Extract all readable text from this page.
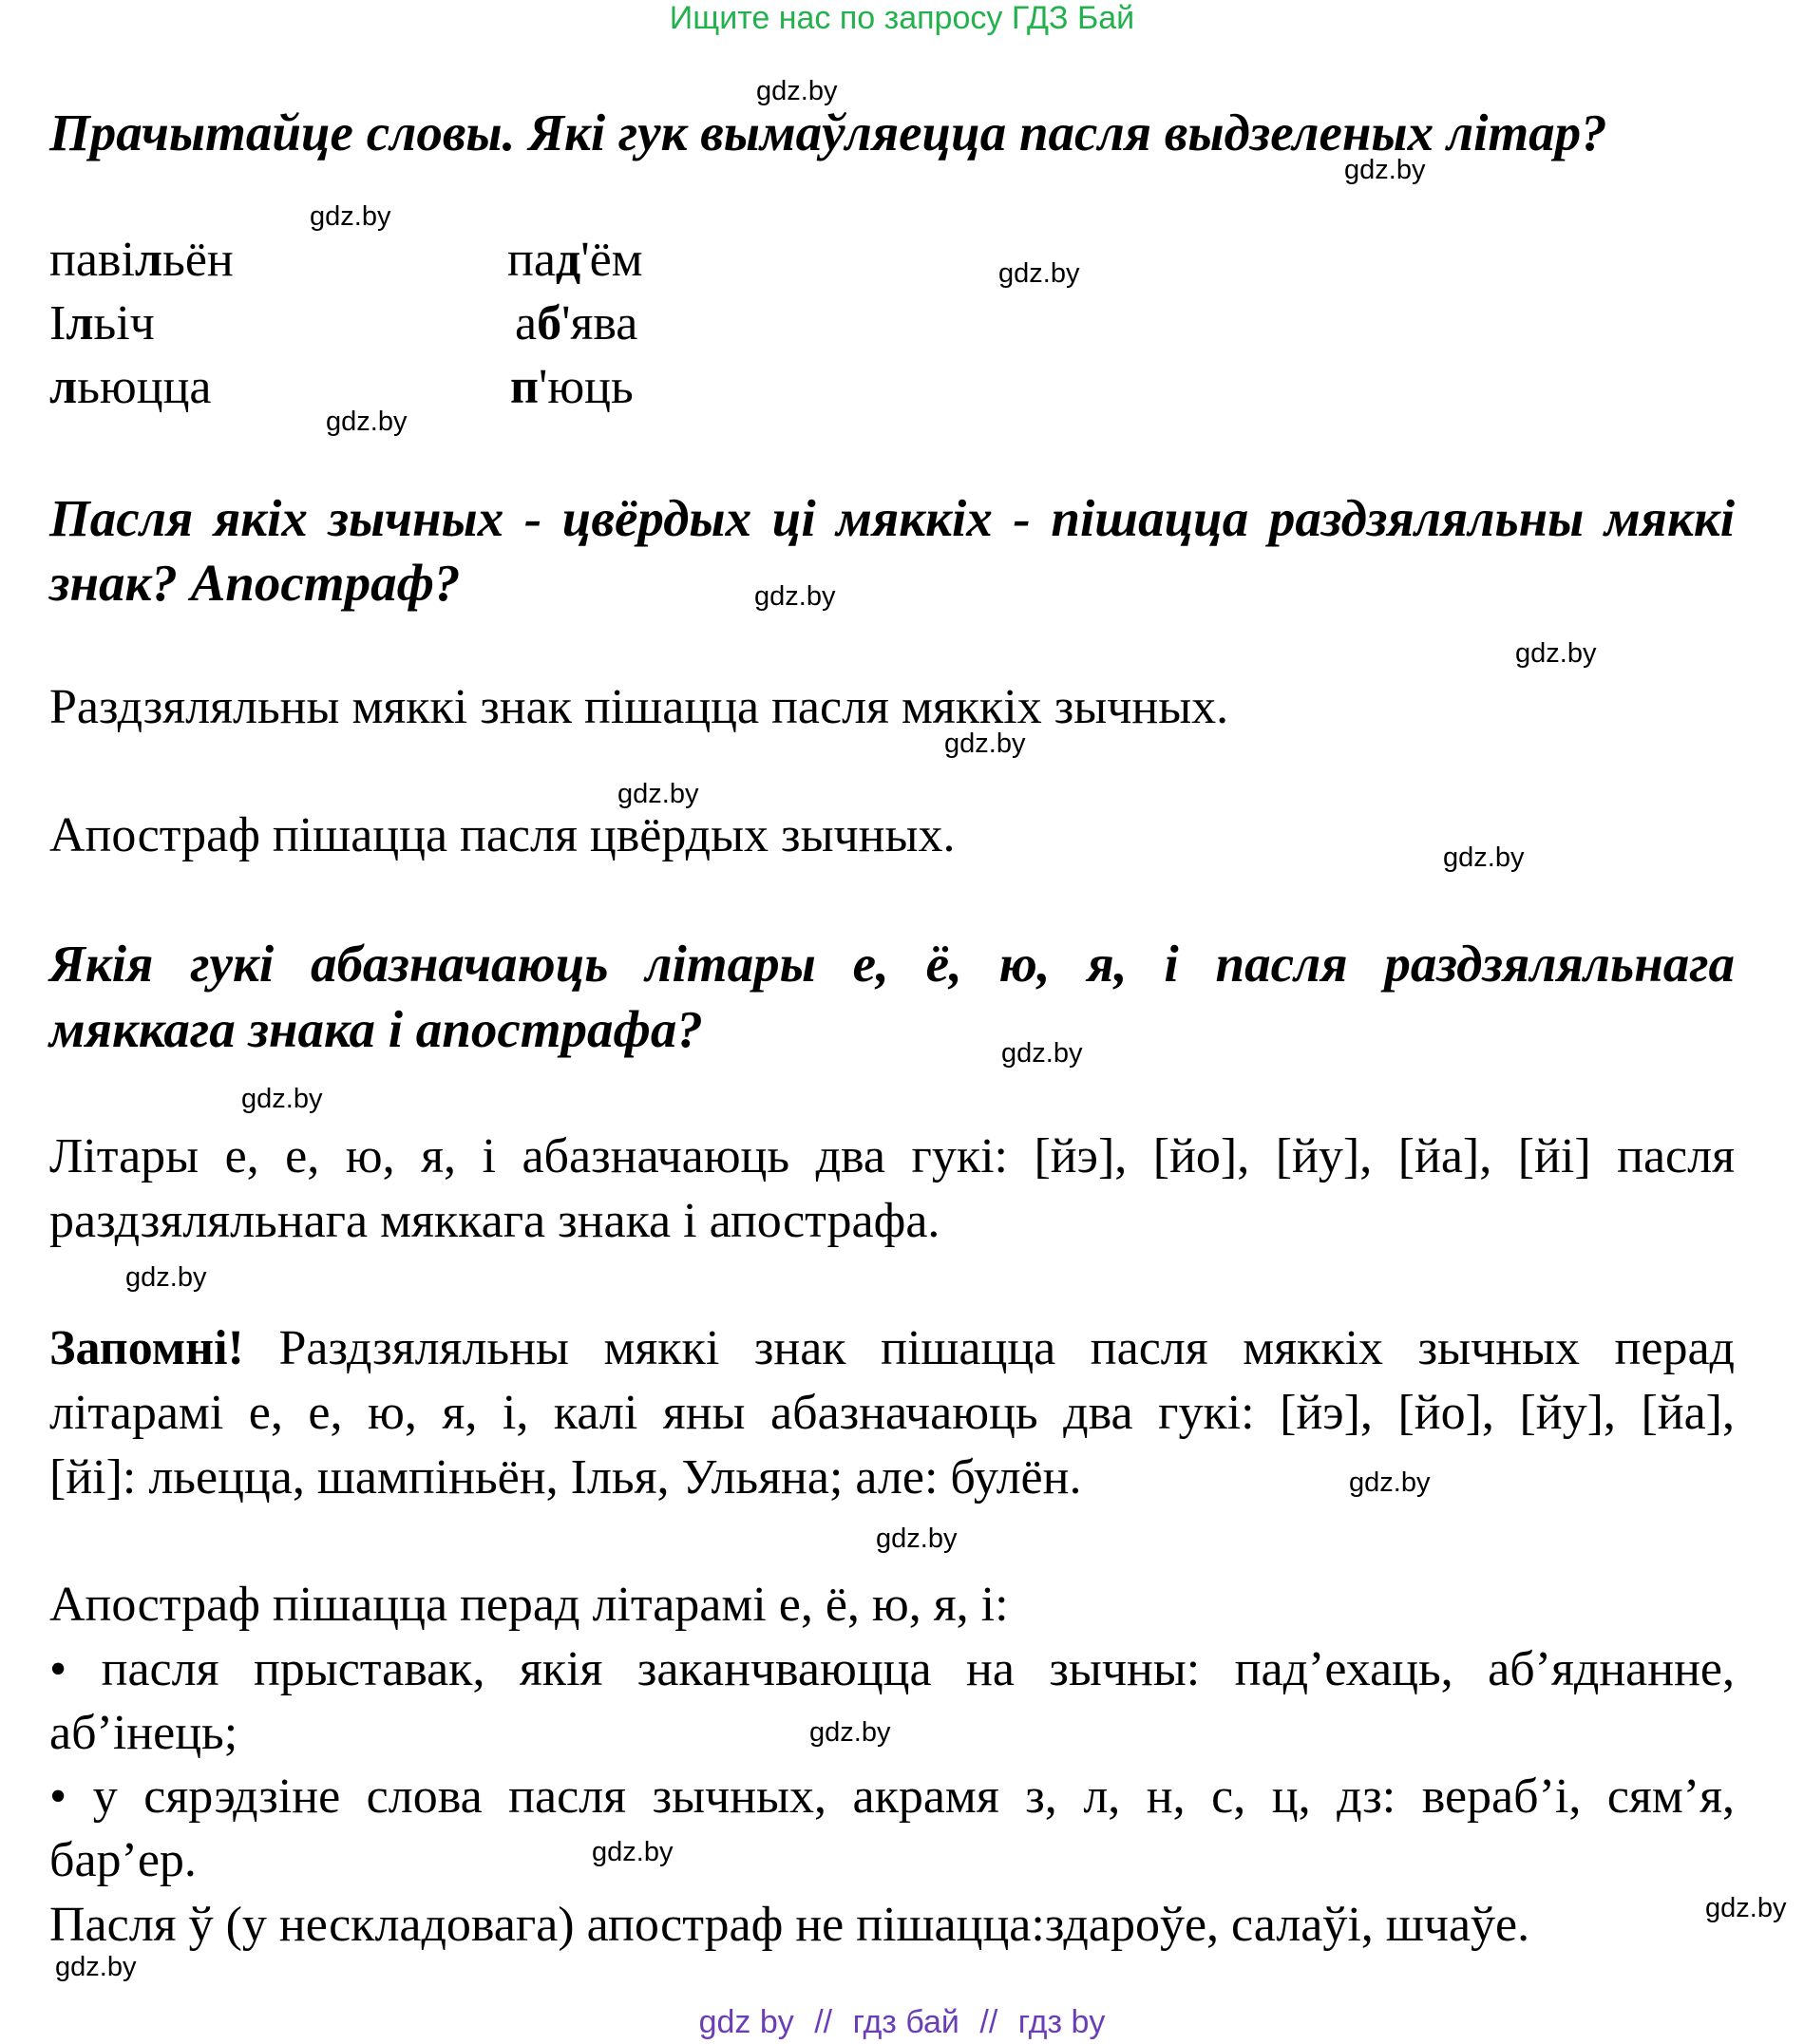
Ищите нас по запросу ГДЗ Бай
Прачытайце словы. Які гук вымаўляецца пасля выдзеленых літар?
павільён
Ільіч
льюцца
пад'ём
аб'ява
п'юць
Пасля якіх зычных - цвёрдых ці мяккіх - пішацца раздзяляльны мяккі
знак? Апостраф?
Раздзяляльны мяккі знак пішацца пасля мяккіх зычных.
Апостраф пішацца пасля цвёрдых зычных.
Якія гукі абазначаюць літары е, ё, ю, я, і пасля раздзяляльнага
мяккага знака і апострафа?
Літары е, е, ю, я, і абазначаюць два гукі: [йэ], [йо], [йу], [йа], [йі] пасля
раздзяляльнага мяккага знака і апострафа.
Запомні! Раздзяляльны мяккі знак пішацца пасля мяккіх зычных перад
літарамі е, е, ю, я, і, калі яны абазначаюць два гукі: [йэ], [йо], [йу], [йа],
[йі]: льецца, шампіньён, Ілья, Ульяна; але: булён.
Апостраф пішацца перад літарамі е, ё, ю, я, і:
• пасля прыставак, якія заканчваюцца на зычны: пад’ехаць, аб’яднанне,
аб’інець;
• у сярэдзіне слова пасля зычных, акрамя з, л, н, с, ц, дз: вераб’і, сям’я,
бар’ер.
Пасля ў (у нескладовага) апостраф не пішацца:здароўе, салаўі, шчаўе.
gdz.by
gdz.by
gdz.by
gdz.by
gdz.by
gdz.by
gdz.by
gdz.by
gdz.by
gdz.by
gdz.by
gdz.by
gdz.by
gdz.by
gdz.by
gdz.by
gdz.by
gdz.by
gdz.by
gdz by // гдз бай // гдз by
